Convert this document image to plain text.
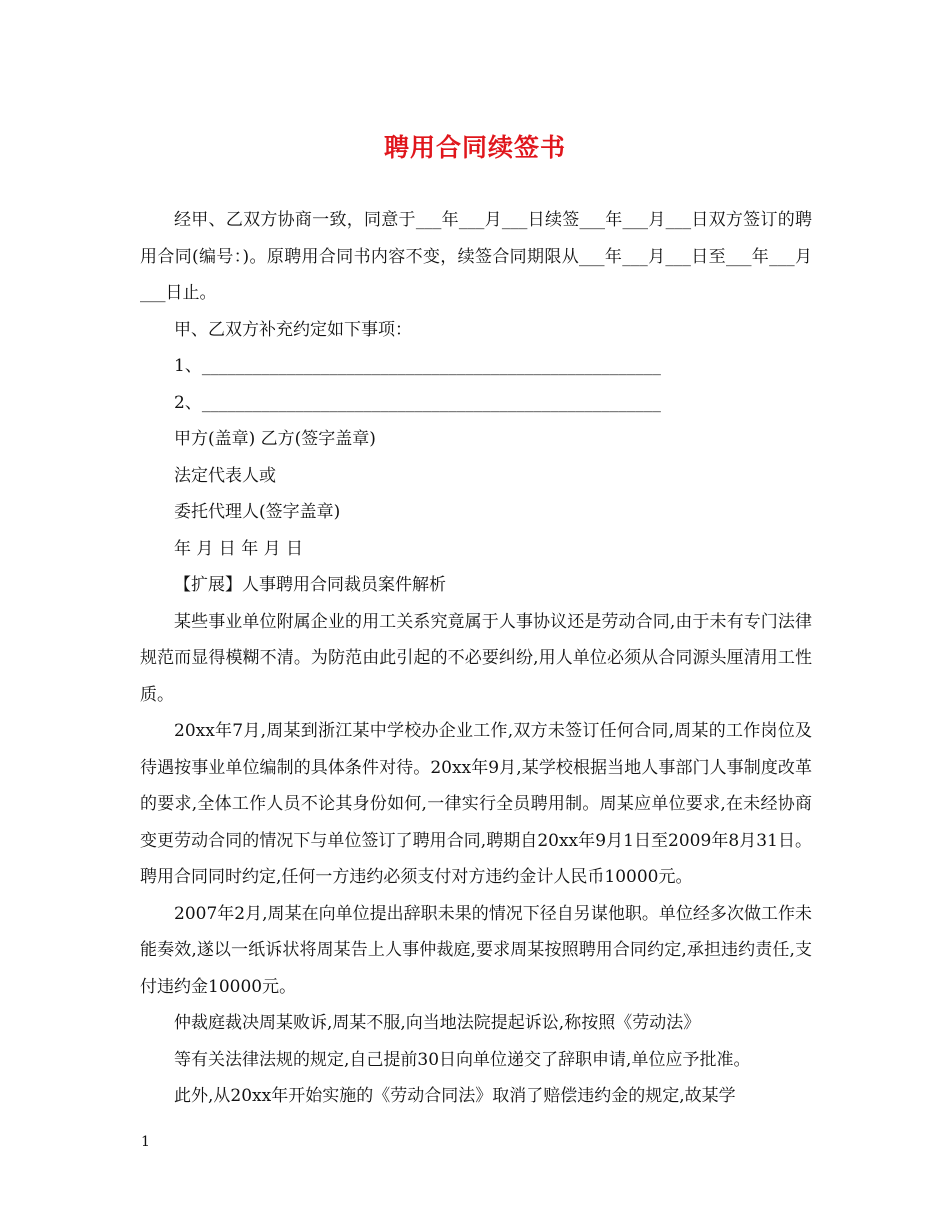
聘用合同续签书

经甲、乙双方协商一致，同意于___年___月___日续签___年___月___日双方签订的聘用合同(编号：)。原聘用合同书内容不变，续签合同期限从___年___月___日至___年___月___日止。

甲、乙双方补充约定如下事项：

1、______________________________________________________

2、______________________________________________________

甲方(盖章) 乙方(签字盖章)

法定代表人或

委托代理人(签字盖章)

年 月 日 年 月 日

【扩展】人事聘用合同裁员案件解析

某些事业单位附属企业的用工关系究竟属于人事协议还是劳动合同,由于未有专门法律规范而显得模糊不清。为防范由此引起的不必要纠纷,用人单位必须从合同源头厘清用工性质。

20xx年7月,周某到浙江某中学校办企业工作,双方未签订任何合同,周某的工作岗位及待遇按事业单位编制的具体条件对待。20xx年9月,某学校根据当地人事部门人事制度改革的要求,全体工作人员不论其身份如何,一律实行全员聘用制。周某应单位要求,在未经协商变更劳动合同的情况下与单位签订了聘用合同,聘期自20xx年9月1日至2009年8月31日。聘用合同同时约定,任何一方违约必须支付对方违约金计人民币10000元。

2007年2月,周某在向单位提出辞职未果的情况下径自另谋他职。单位经多次做工作未能奏效,遂以一纸诉状将周某告上人事仲裁庭,要求周某按照聘用合同约定,承担违约责任,支付违约金10000元。

仲裁庭裁决周某败诉,周某不服,向当地法院提起诉讼,称按照《劳动法》

等有关法律法规的规定,自己提前30日向单位递交了辞职申请,单位应予批准。

此外,从20xx年开始实施的《劳动合同法》取消了赔偿违约金的规定,故某学

1
